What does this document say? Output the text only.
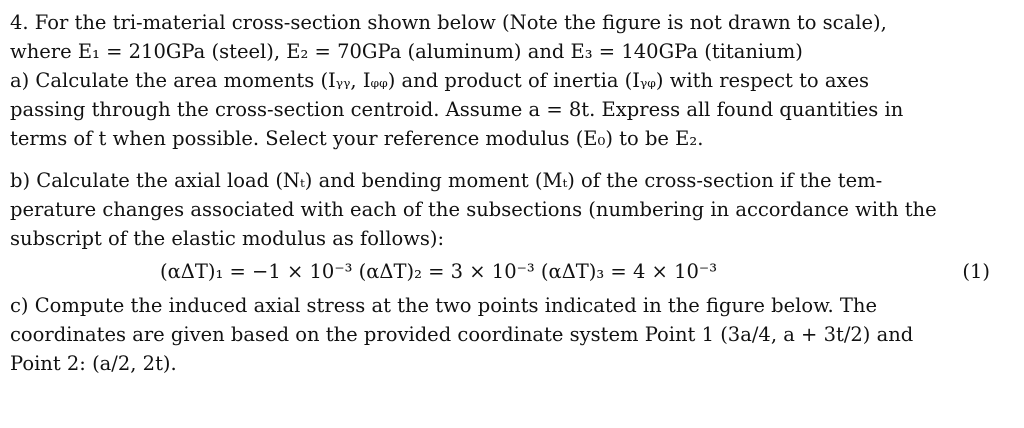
4. For the tri-material cross-section shown below (Note the figure is not drawn to scale),
where E₁ = 210GPa (steel), E₂ = 70GPa (aluminum) and E₃ = 140GPa (titanium)
a) Calculate the area moments (Iᵧᵧ, Iᵩᵩ) and product of inertia (Iᵧᵩ) with respect to axes
passing through the cross-section centroid. Assume a = 8t. Express all found quantities in
terms of t when possible. Select your reference modulus (E₀) to be E₂.
b) Calculate the axial load (Nₜ) and bending moment (Mₜ) of the cross-section if the tem-
perature changes associated with each of the subsections (numbering in accordance with the
subscript of the elastic modulus as follows):
(αΔT)₁ = −1 × 10⁻³ (αΔT)₂ = 3 × 10⁻³ (αΔT)₃ = 4 × 10⁻³	(1)
c) Compute the induced axial stress at the two points indicated in the figure below. The
coordinates are given based on the provided coordinate system Point 1 (3a/4, a + 3t/2) and
Point 2: (a/2, 2t).
